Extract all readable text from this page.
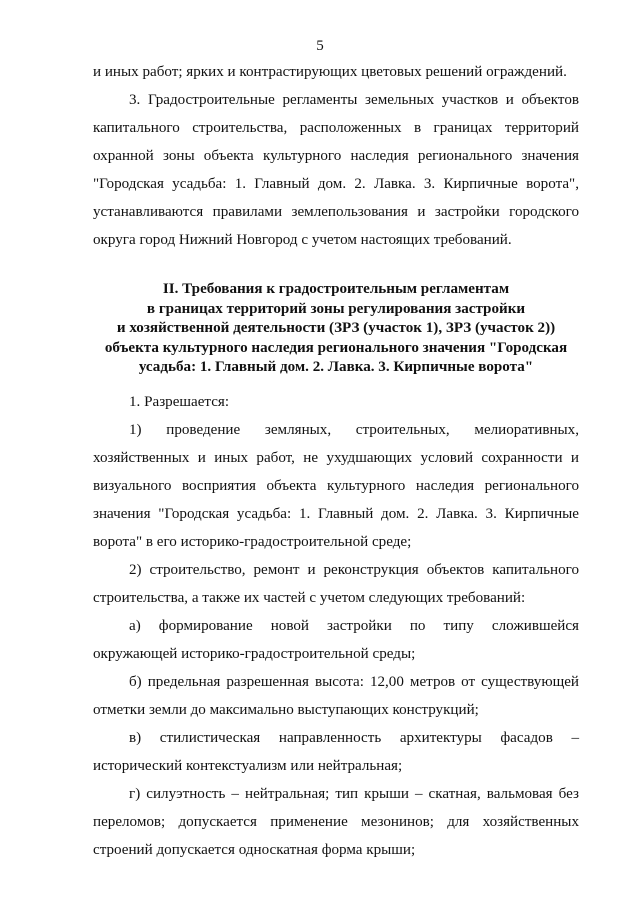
5

и иных работ; ярких и контрастирующих цветовых решений ограждений.

3. Градостроительные регламенты земельных участков и объектов капитального строительства, расположенных в границах территорий охранной зоны объекта культурного наследия регионального значения "Городская усадьба: 1. Главный дом. 2. Лавка. 3. Кирпичные ворота", устанавливаются правилами землепользования и застройки городского округа город Нижний Новгород с учетом настоящих требований.

II. Требования к градостроительным регламентам
в границах территорий зоны регулирования застройки
и хозяйственной деятельности (ЗРЗ (участок 1), ЗРЗ (участок 2))
объекта культурного наследия регионального значения "Городская
усадьба: 1. Главный дом. 2. Лавка. 3. Кирпичные ворота"

1. Разрешается:

1) проведение земляных, строительных, мелиоративных, хозяйственных и иных работ, не ухудшающих условий сохранности и визуального восприятия объекта культурного наследия регионального значения "Городская усадьба: 1. Главный дом. 2. Лавка. 3. Кирпичные ворота" в его историко-градостроительной среде;

2) строительство, ремонт и реконструкция объектов капитального строительства, а также их частей с учетом следующих требований:

а) формирование новой застройки по типу сложившейся окружающей историко-градостроительной среды;

б) предельная разрешенная высота: 12,00 метров от существующей отметки земли до максимально выступающих конструкций;

в) стилистическая направленность архитектуры фасадов – исторический контекстуализм или нейтральная;

г) силуэтность – нейтральная; тип крыши – скатная, вальмовая без переломов; допускается применение мезонинов; для хозяйственных строений допускается односкатная форма крыши;
